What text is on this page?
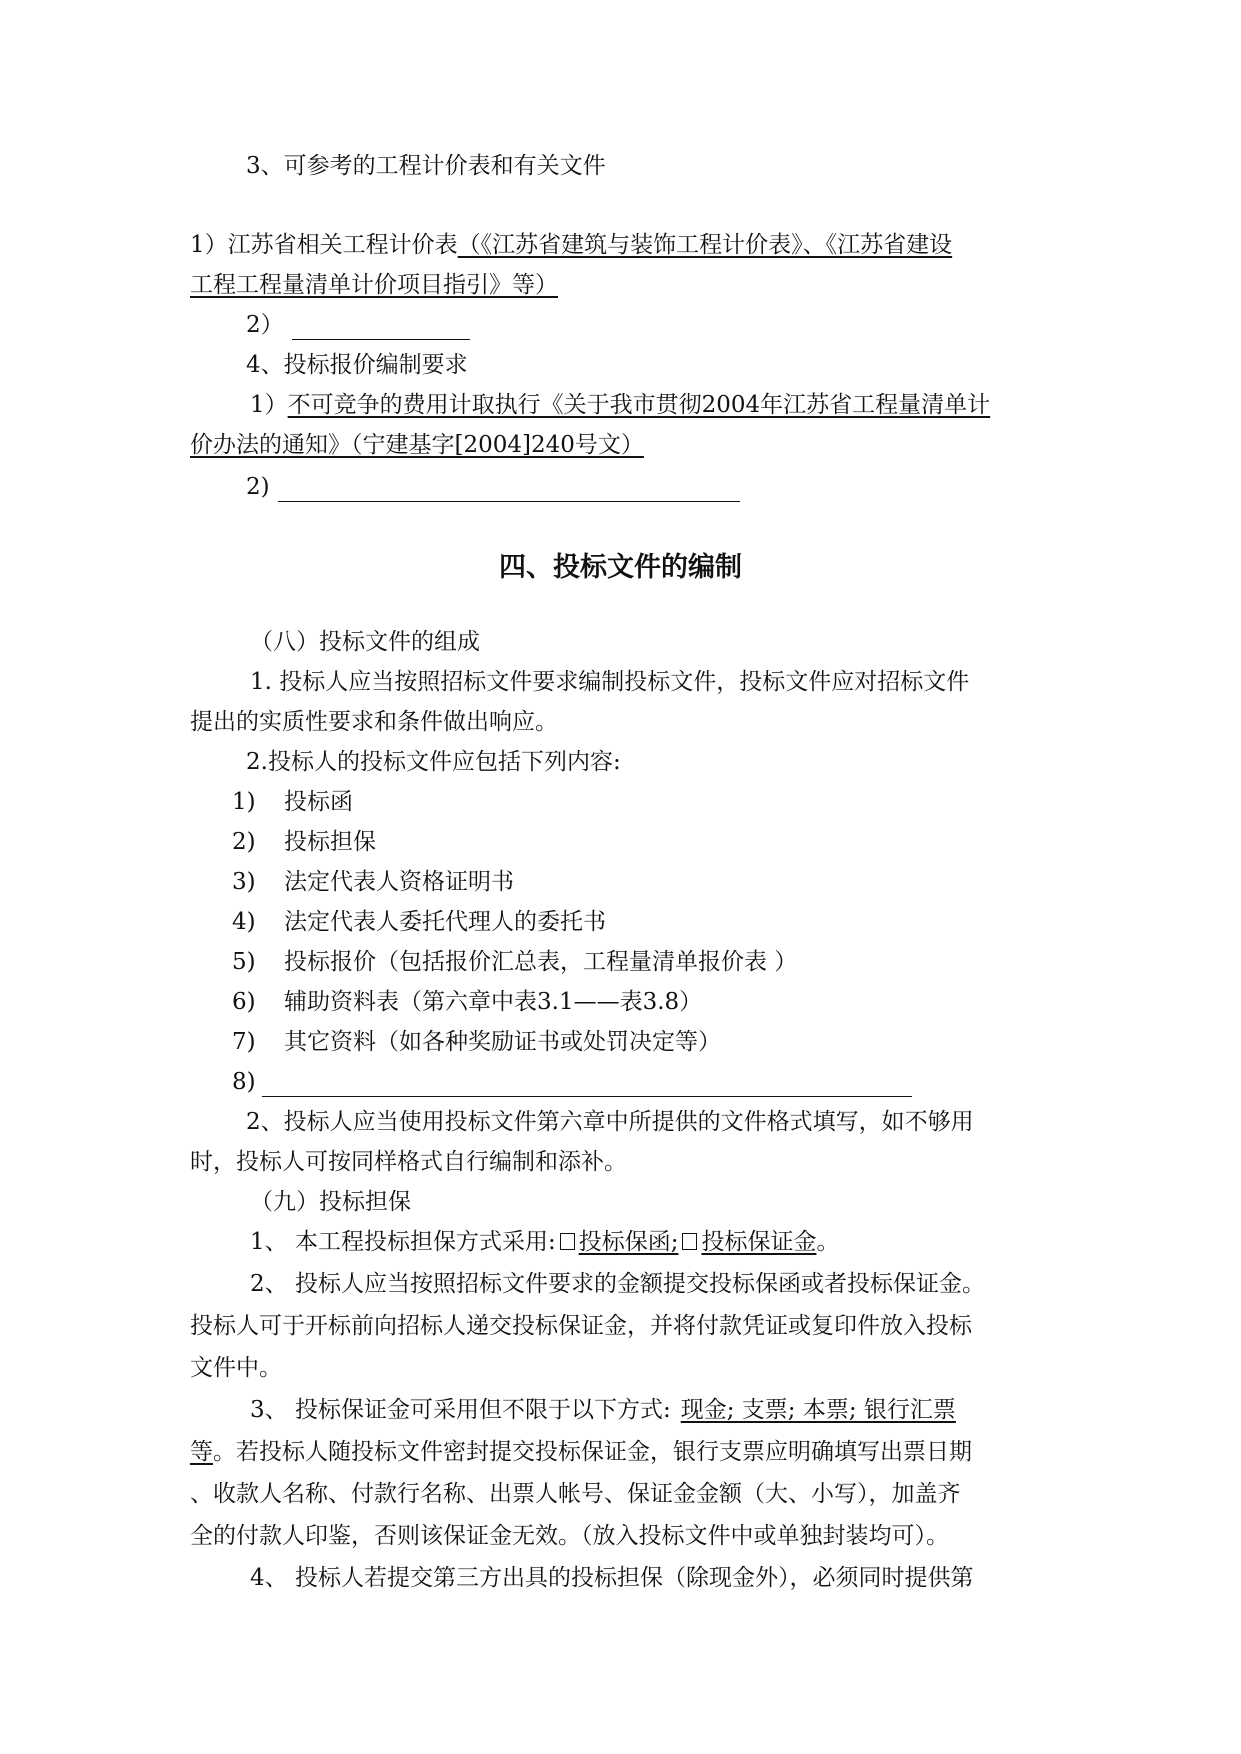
3、可参考的工程计价表和有关文件
1）江苏省相关工程计价表（《江苏省建筑与装饰工程计价表》、《江苏省建设
工程工程量清单计价项目指引》等）
2）
4、投标报价编制要求
1）不可竞争的费用计取执行《关于我市贯彻2004年江苏省工程量清单计
价办法的通知》（宁建基字[2004]240号文）
2)
四、投标文件的编制
（八）投标文件的组成
1. 投标人应当按照招标文件要求编制投标文件，投标文件应对招标文件
提出的实质性要求和条件做出响应。
2.投标人的投标文件应包括下列内容:
1) 投标函
2) 投标担保
3) 法定代表人资格证明书
4) 法定代表人委托代理人的委托书
5) 投标报价（包括报价汇总表，工程量清单报价表 ）
6) 辅助资料表（第六章中表3.1——表3.8）
7) 其它资料（如各种奖励证书或处罚决定等）
8)
2、投标人应当使用投标文件第六章中所提供的文件格式填写，如不够用
时，投标人可按同样格式自行编制和添补。
（九）投标担保
1、 本工程投标担保方式采用: 投标保函; 投标保证金。
2、 投标人应当按照招标文件要求的金额提交投标保函或者投标保证金。
投标人可于开标前向招标人递交投标保证金，并将付款凭证或复印件放入投标
文件中。
3、 投标保证金可采用但不限于以下方式: 现金; 支票; 本票; 银行汇票
等。若投标人随投标文件密封提交投标保证金，银行支票应明确填写出票日期
、收款人名称、付款行名称、出票人帐号、保证金金额（大、小写），加盖齐
全的付款人印鉴，否则该保证金无效。（放入投标文件中或单独封装均可）。
4、 投标人若提交第三方出具的投标担保（除现金外），必须同时提供第
